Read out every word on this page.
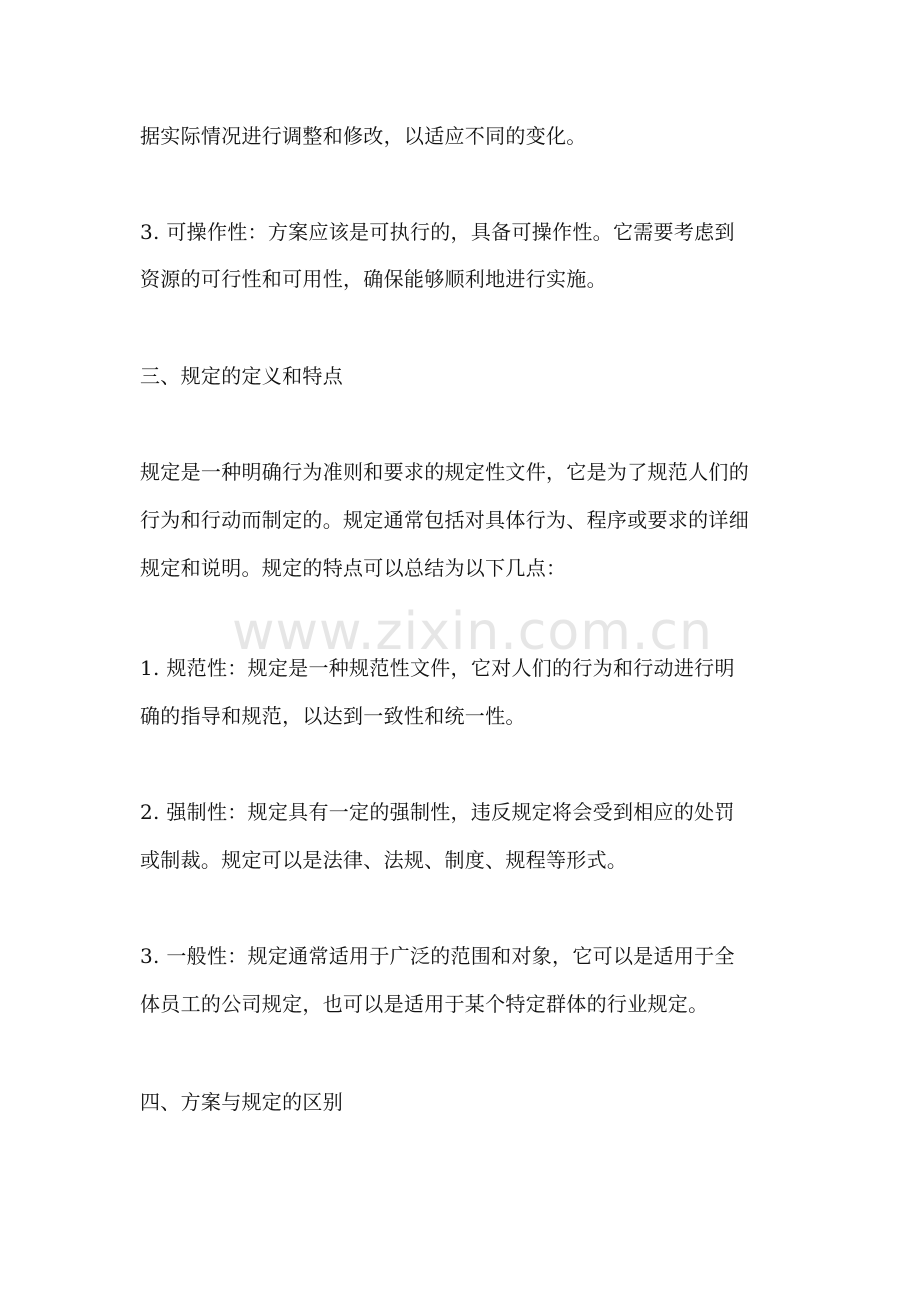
据实际情况进行调整和修改，以适应不同的变化。
3. 可操作性：方案应该是可执行的，具备可操作性。它需要考虑到
资源的可行性和可用性，确保能够顺利地进行实施。
三、规定的定义和特点
规定是一种明确行为准则和要求的规定性文件，它是为了规范人们的
行为和行动而制定的。规定通常包括对具体行为、程序或要求的详细
规定和说明。规定的特点可以总结为以下几点：
1. 规范性：规定是一种规范性文件，它对人们的行为和行动进行明
确的指导和规范，以达到一致性和统一性。
2. 强制性：规定具有一定的强制性，违反规定将会受到相应的处罚
或制裁。规定可以是法律、法规、制度、规程等形式。
3. 一般性：规定通常适用于广泛的范围和对象，它可以是适用于全
体员工的公司规定，也可以是适用于某个特定群体的行业规定。
四、方案与规定的区别
www.zixin.com.cn
